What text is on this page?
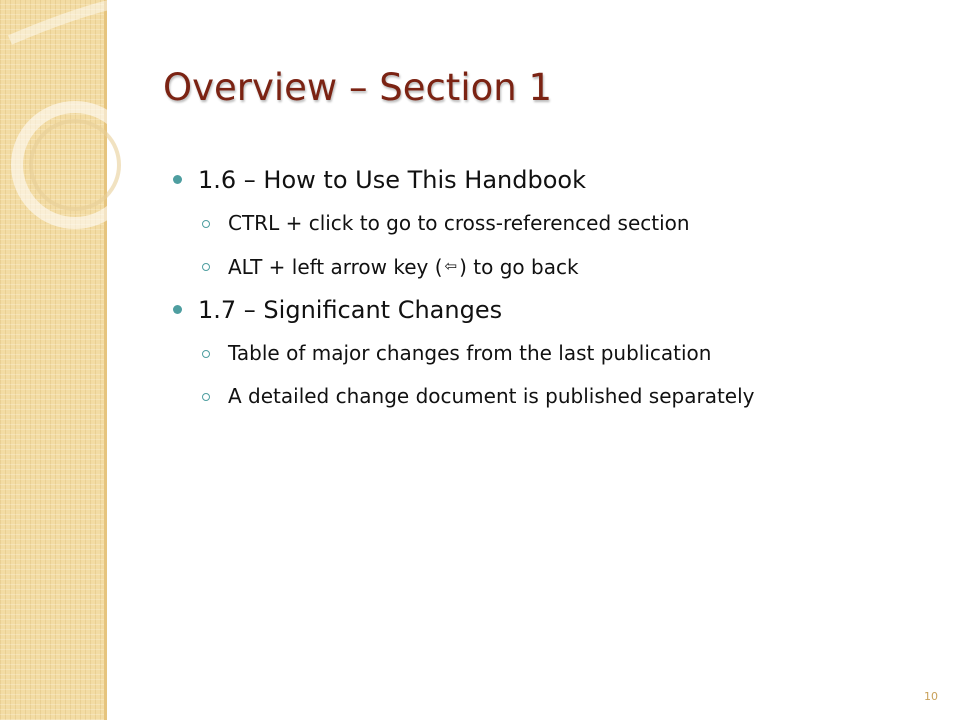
Overview – Section 1
1.6 – How to Use This Handbook
CTRL + click to go to cross-referenced section
ALT + left arrow key ( ⇦ ) to go back
1.7 – Significant Changes
Table of major changes from the last publication
A detailed change document is published separately
10
